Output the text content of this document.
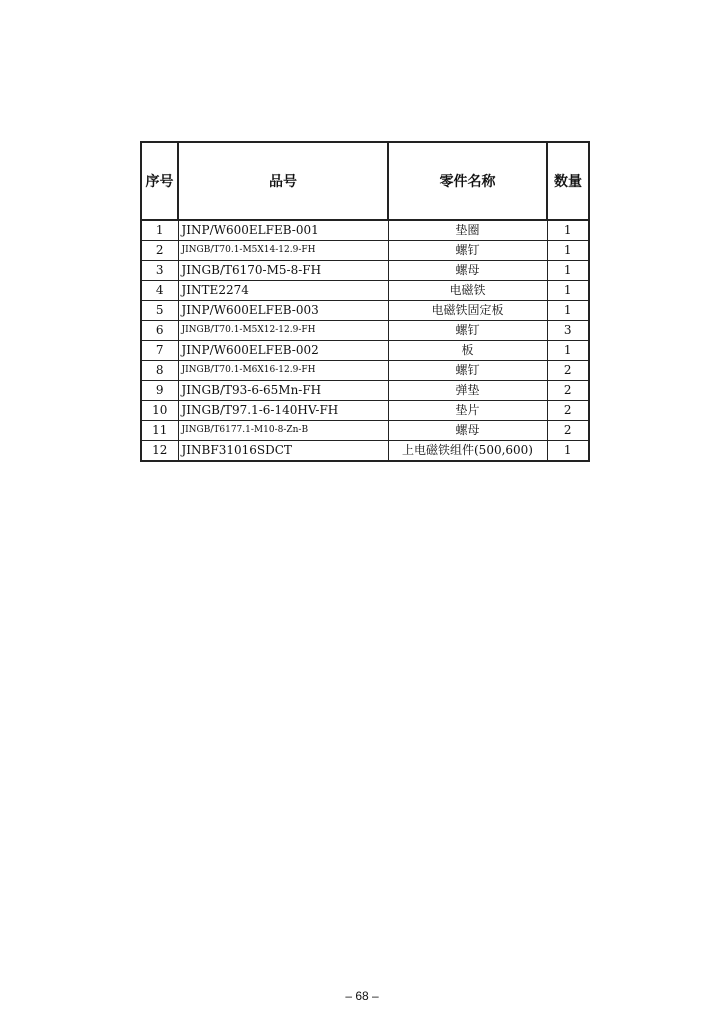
序号	品号	零件名称	数量
1	JINP/W600ELFEB-001	垫圈	1
2	JINGB/T70.1-M5X14-12.9-FH	螺钉	1
3	JINGB/T6170-M5-8-FH	螺母	1
4	JINTE2274	电磁铁	1
5	JINP/W600ELFEB-003	电磁铁固定板	1
6	JINGB/T70.1-M5X12-12.9-FH	螺钉	3
7	JINP/W600ELFEB-002	板	1
8	JINGB/T70.1-M6X16-12.9-FH	螺钉	2
9	JINGB/T93-6-65Mn-FH	弹垫	2
10	JINGB/T97.1-6-140HV-FH	垫片	2
11	JINGB/T6177.1-M10-8-Zn-B	螺母	2
12	JINBF31016SDCT	上电磁铁组件(500,600)	1
– 68 –
